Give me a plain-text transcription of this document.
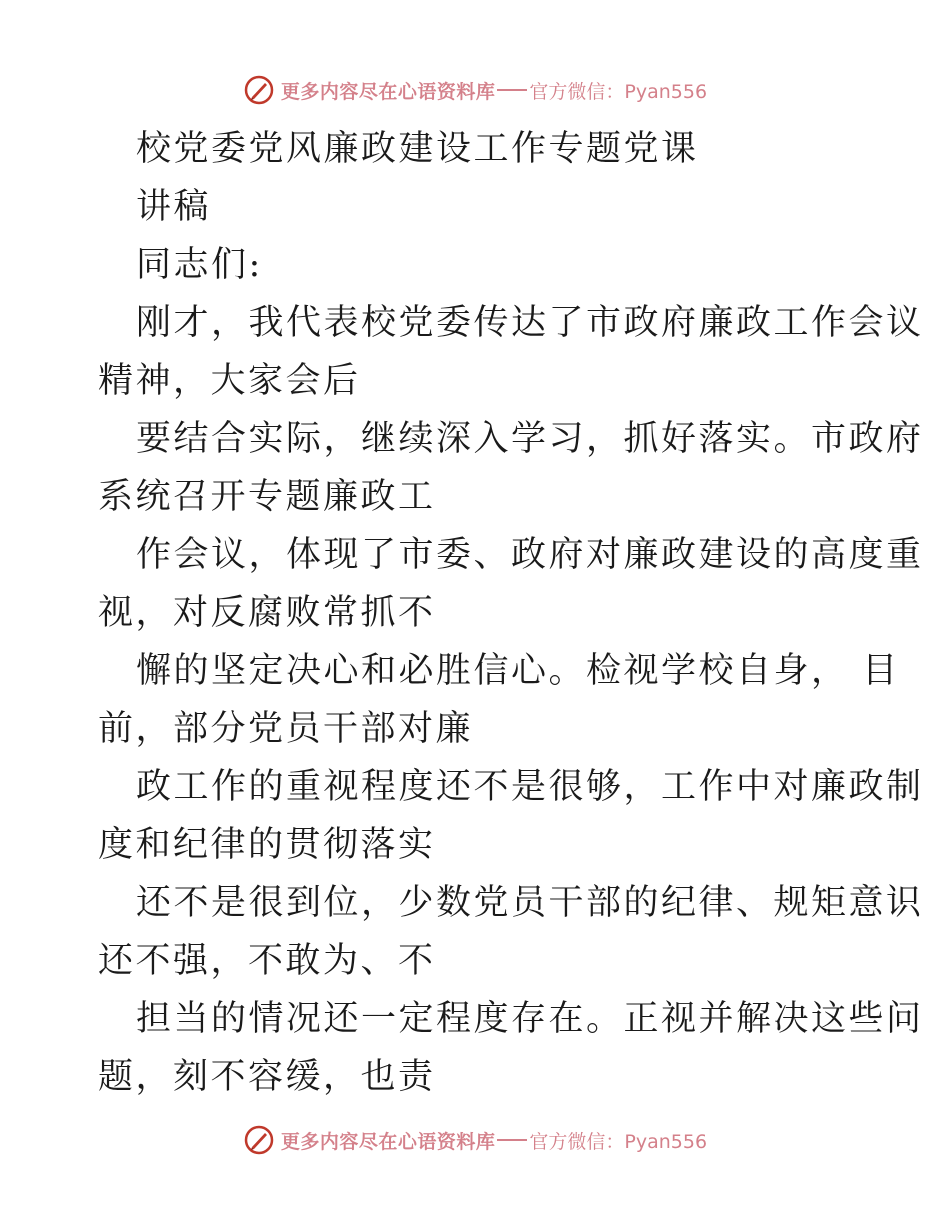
更多内容尽在心语资料库 官方微信：Pyan556
校党委党风廉政建设工作专题党课
讲稿
同志们:
刚才，我代表校党委传达了市政府廉政工作会议
精神，大家会后
要结合实际，继续深入学习，抓好落实。市政府
系统召开专题廉政工
作会议，体现了市委、政府对廉政建设的高度重
视，对反腐败常抓不
懈的坚定决心和必胜信心。检视学校自身， 目
前，部分党员干部对廉
政工作的重视程度还不是很够，工作中对廉政制
度和纪律的贯彻落实
还不是很到位，少数党员干部的纪律、规矩意识
还不强，不敢为、不
担当的情况还一定程度存在。正视并解决这些问
题，刻不容缓，也责
更多内容尽在心语资料库 官方微信：Pyan556
